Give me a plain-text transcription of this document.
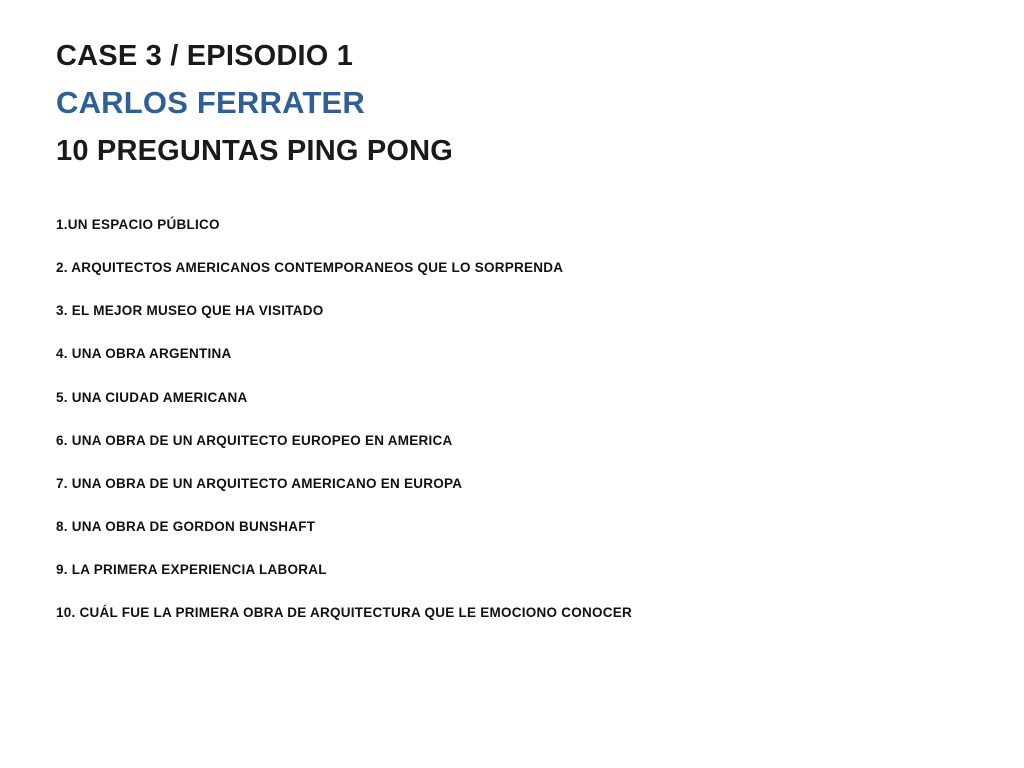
CASE 3 / EPISODIO 1
CARLOS FERRATER
10 PREGUNTAS PING PONG
1.UN ESPACIO PÚBLICO
2. ARQUITECTOS AMERICANOS CONTEMPORANEOS QUE LO SORPRENDA
3. EL MEJOR MUSEO QUE HA VISITADO
4. UNA OBRA ARGENTINA
5. UNA CIUDAD AMERICANA
6. UNA OBRA DE UN ARQUITECTO EUROPEO EN AMERICA
7. UNA OBRA DE UN ARQUITECTO AMERICANO EN EUROPA
8. UNA OBRA DE GORDON BUNSHAFT
9. LA PRIMERA EXPERIENCIA LABORAL
10. CUÁL FUE LA PRIMERA OBRA DE ARQUITECTURA QUE LE EMOCIONO CONOCER
